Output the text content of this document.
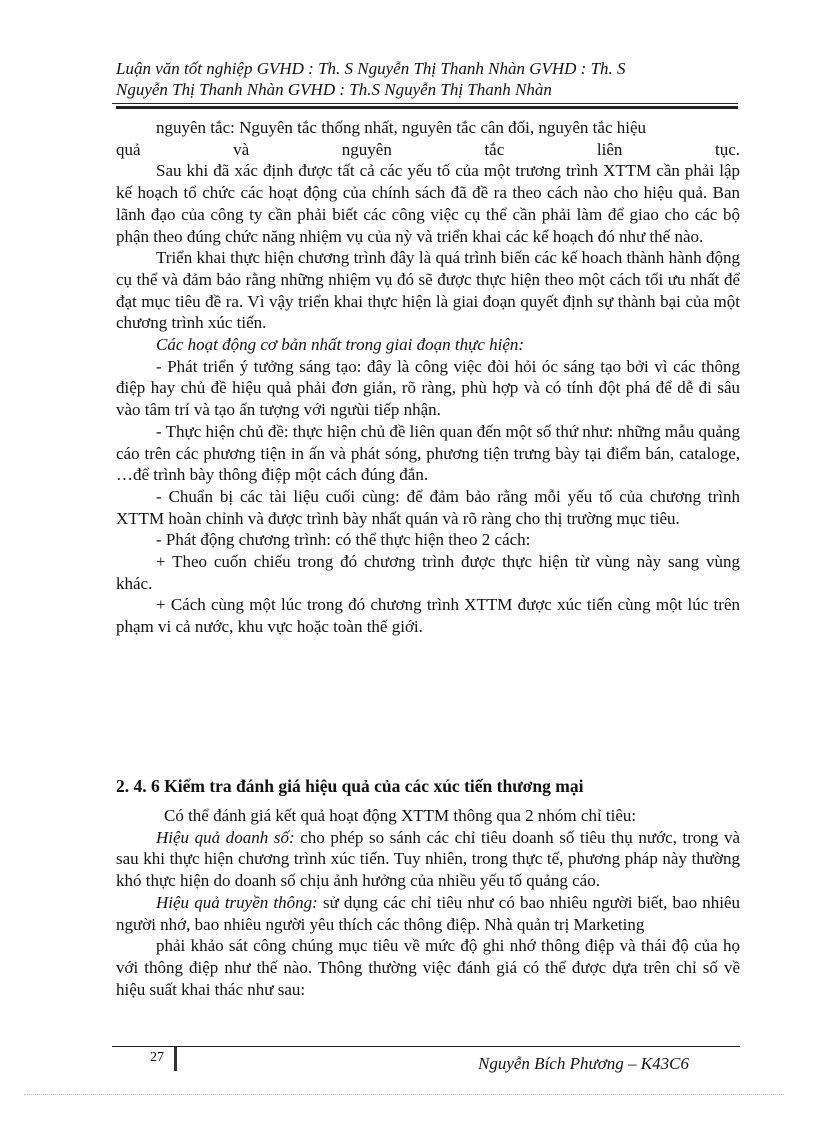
Luận văn tốt nghiệp GVHD : Th. S Nguyễn Thị Thanh Nhàn GVHD : Th. S
Nguyễn Thị Thanh Nhàn GVHD : Th.S Nguyễn Thị Thanh Nhàn

nguyên tắc: Nguyên tắc thống nhất, nguyên tắc cân đối, nguyên tắc hiệu

quả và nguyên tắc liên tục.

Sau khi đã xác định được tất cả các yếu tố của một trương trình XTTM cần phải lập kế hoạch tổ chức các hoạt động của chính sách đã đề ra theo cách nào cho hiệu quả. Ban lãnh đạo của công ty cần phải biết các công việc cụ thể cần phải làm để giao cho các bộ phận theo đúng chức năng nhiệm vụ của nỳ và triển khai các kế hoạch đó như thế nào.

Triển khai thực hiện chương trình đây là quá trình biến các kế hoach thành hành động cụ thể và đảm bảo rằng những nhiệm vụ đó sẽ được thực hiện theo một cách tối ưu nhất để đạt mục tiêu đề ra. Vì vậy triển khai thực hiện là giai đoạn quyết định sự thành bại của một chương trình xúc tiến.

Các hoạt động cơ bản nhất trong giai đoạn thực hiện:

- Phát triển ý tưởng sáng tạo: đây là công việc đòi hỏi óc sáng tạo bởi vì các thông điệp hay chủ đề hiệu quả phải đơn giản, rõ ràng, phù hợp và có tính đột phá để dễ đi sâu vào tâm trí và tạo ấn tượng với ngưùi tiếp nhận.

- Thực hiện chủ đề: thực hiện chủ đề liên quan đến một số thứ như: những mẫu quảng cáo trên các phương tiện in ấn và phát sóng, phương tiện trưng bày tại điểm bán, cataloge, …để trình bày thông điệp một cách đúng đắn.

- Chuẩn bị các tài liệu cuối cùng: để đảm bảo rằng mỗi yếu tố của chương trình XTTM hoàn chỉnh và được trình bày nhất quán và rõ ràng cho thị trường mục tiêu.

- Phát động chương trình: có thể thực hiện theo 2 cách:

+ Theo cuốn chiếu trong đó chương trình được thực hiện từ vùng này sang vùng khác.

+ Cách cùng một lúc trong đó chương trình XTTM được xúc tiến cùng một lúc trên phạm vi cả nước, khu vực hoặc toàn thế giới.

2. 4. 6 Kiểm tra đánh giá hiệu quả của các xúc tiến thương mại

Có thể đánh giá kết quả hoạt động XTTM thông qua 2 nhóm chỉ tiêu:

Hiệu quả doanh số: cho phép so sánh các chỉ tiêu doanh số tiêu thụ nước, trong và sau khi thực hiện chương trình xúc tiến. Tuy nhiên, trong thực tế, phương pháp này thường khó thực hiện do doanh số chịu ảnh hưởng của nhiều yếu tố quảng cáo.

Hiệu quả truyền thông: sử dụng các chỉ tiêu như có bao nhiêu người biết, bao nhiêu người nhớ, bao nhiêu người yêu thích các thông điệp. Nhà quản trị Marketing

phải khảo sát công chúng mục tiêu về mức độ ghi nhớ thông điệp và thái độ của họ với thông điệp như thế nào. Thông thường việc đánh giá có thể được dựa trên chỉ số về hiệu suất khai thác như sau:

27	Nguyễn Bích Phương – K43C6
